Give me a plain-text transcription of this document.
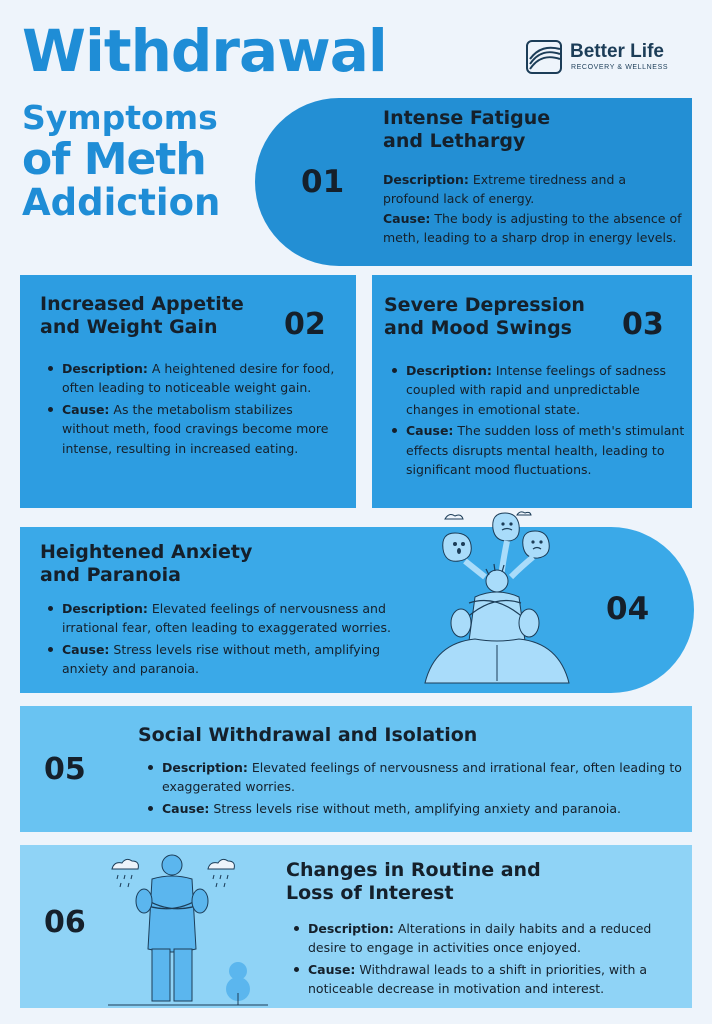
Withdrawal
Symptoms
of Meth
Addiction
Better Life
RECOVERY & WELLNESS
01
Intense Fatigue
and Lethargy
Description: Extreme tiredness and a profound lack of energy.
Cause: The body is adjusting to the absence of meth, leading to a sharp drop in energy levels.
Increased Appetite
and Weight Gain	02
Description: A heightened desire for food, often leading to noticeable weight gain.
Cause: As the metabolism stabilizes without meth, food cravings become more intense, resulting in increased eating.
Severe Depression
and Mood Swings	03
Description: Intense feelings of sadness coupled with rapid and unpredictable changes in emotional state.
Cause: The sudden loss of meth's stimulant effects disrupts mental health, leading to significant mood fluctuations.
Heightened Anxiety
and Paranoia
Description: Elevated feelings of nervousness and irrational fear, often leading to exaggerated worries.
Cause: Stress levels rise without meth, amplifying anxiety and paranoia.
04
05
Social Withdrawal and Isolation
Description: Elevated feelings of nervousness and irrational fear, often leading to exaggerated worries.
Cause: Stress levels rise without meth, amplifying anxiety and paranoia.
06
Changes in Routine and
Loss of Interest
Description: Alterations in daily habits and a reduced desire to engage in activities once enjoyed.
Cause: Withdrawal leads to a shift in priorities, with a noticeable decrease in motivation and interest.
